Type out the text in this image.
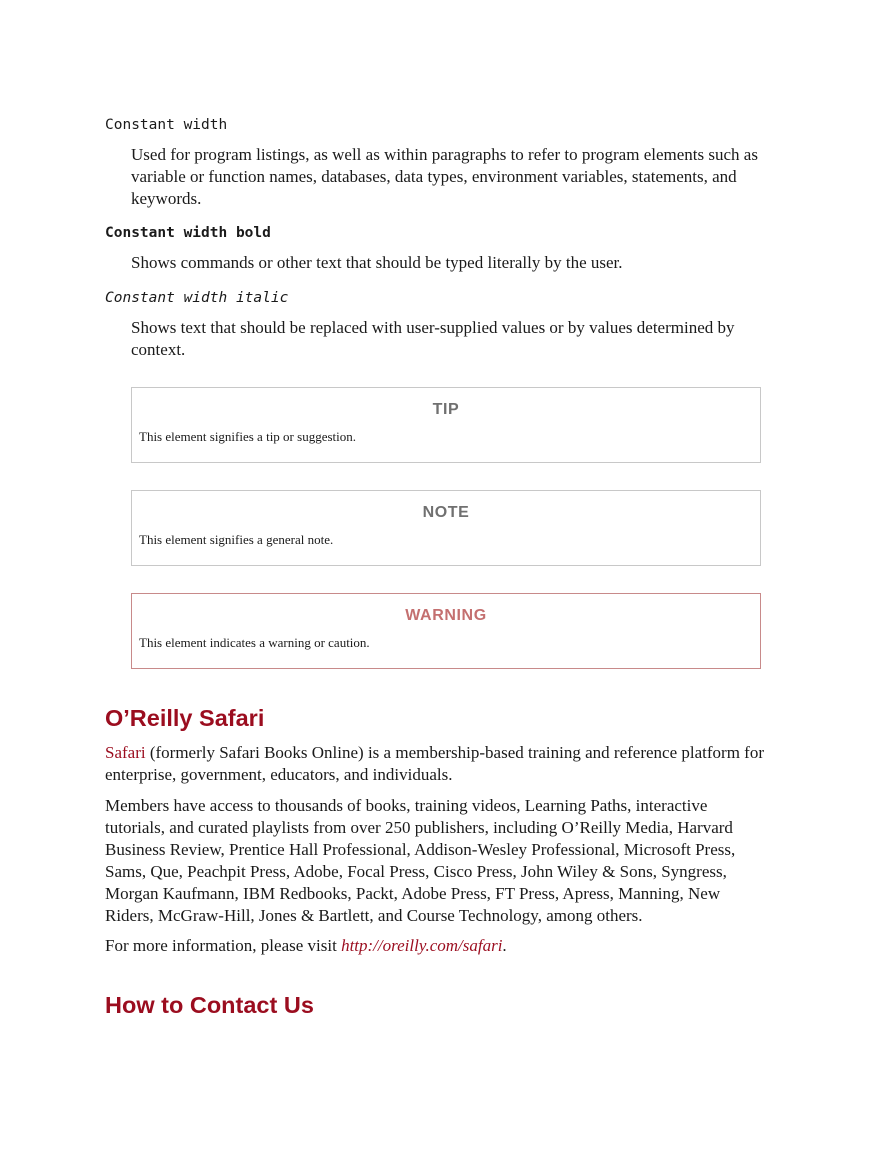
Constant width
Used for program listings, as well as within paragraphs to refer to program elements such as variable or function names, databases, data types, environment variables, statements, and keywords.
Constant width bold
Shows commands or other text that should be typed literally by the user.
Constant width italic
Shows text that should be replaced with user-supplied values or by values determined by context.
TIP
This element signifies a tip or suggestion.
NOTE
This element signifies a general note.
WARNING
This element indicates a warning or caution.
O’Reilly Safari
Safari (formerly Safari Books Online) is a membership-based training and reference platform for enterprise, government, educators, and individuals.
Members have access to thousands of books, training videos, Learning Paths, interactive tutorials, and curated playlists from over 250 publishers, including O’Reilly Media, Harvard Business Review, Prentice Hall Professional, Addison-Wesley Professional, Microsoft Press, Sams, Que, Peachpit Press, Adobe, Focal Press, Cisco Press, John Wiley & Sons, Syngress, Morgan Kaufmann, IBM Redbooks, Packt, Adobe Press, FT Press, Apress, Manning, New Riders, McGraw-Hill, Jones & Bartlett, and Course Technology, among others.
For more information, please visit http://oreilly.com/safari.
How to Contact Us
